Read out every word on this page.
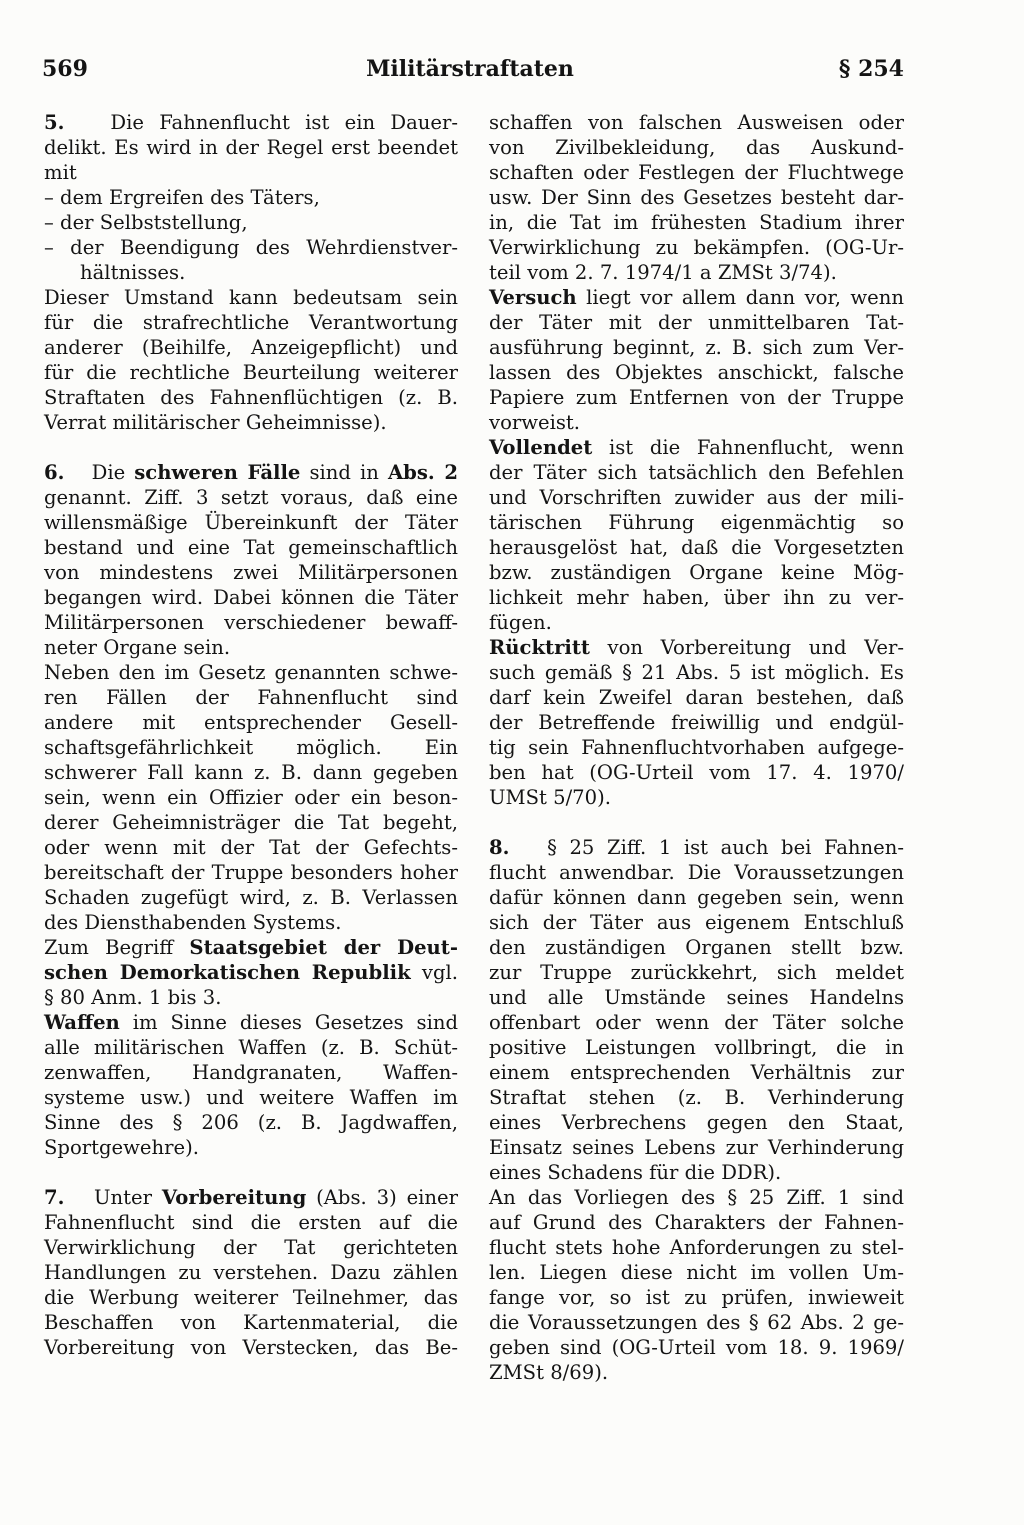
569	Militärstraftaten	§ 254
5. Die Fahnenflucht ist ein Dauer-
delikt. Es wird in der Regel erst beendet
mit
– dem Ergreifen des Täters,
– der Selbststellung,
– der Beendigung des Wehrdienstver-
hältnisses.
Dieser Umstand kann bedeutsam sein
für die strafrechtliche Verantwortung
anderer (Beihilfe, Anzeigepflicht) und
für die rechtliche Beurteilung weiterer
Straftaten des Fahnenflüchtigen (z. B.
Verrat militärischer Geheimnisse).
6. Die schweren Fälle sind in Abs. 2
genannt. Ziff. 3 setzt voraus, daß eine
willensmäßige Übereinkunft der Täter
bestand und eine Tat gemeinschaftlich
von mindestens zwei Militärpersonen
begangen wird. Dabei können die Täter
Militärpersonen verschiedener bewaff-
neter Organe sein.
Neben den im Gesetz genannten schwe-
ren Fällen der Fahnenflucht sind
andere mit entsprechender Gesell-
schaftsgefährlichkeit möglich. Ein
schwerer Fall kann z. B. dann gegeben
sein, wenn ein Offizier oder ein beson-
derer Geheimnisträger die Tat begeht,
oder wenn mit der Tat der Gefechts-
bereitschaft der Truppe besonders hoher
Schaden zugefügt wird, z. B. Verlassen
des Diensthabenden Systems.
Zum Begriff Staatsgebiet der Deut-
schen Demorkatischen Republik vgl.
§ 80 Anm. 1 bis 3.
Waffen im Sinne dieses Gesetzes sind
alle militärischen Waffen (z. B. Schüt-
zenwaffen, Handgranaten, Waffen-
systeme usw.) und weitere Waffen im
Sinne des § 206 (z. B. Jagdwaffen,
Sportgewehre).
7. Unter Vorbereitung (Abs. 3) einer
Fahnenflucht sind die ersten auf die
Verwirklichung der Tat gerichteten
Handlungen zu verstehen. Dazu zählen
die Werbung weiterer Teilnehmer, das
Beschaffen von Kartenmaterial, die
Vorbereitung von Verstecken, das Be-
schaffen von falschen Ausweisen oder
von Zivilbekleidung, das Auskund-
schaften oder Festlegen der Fluchtwege
usw. Der Sinn des Gesetzes besteht dar-
in, die Tat im frühesten Stadium ihrer
Verwirklichung zu bekämpfen. (OG-Ur-
teil vom 2. 7. 1974/1 a ZMSt 3/74).
Versuch liegt vor allem dann vor, wenn
der Täter mit der unmittelbaren Tat-
ausführung beginnt, z. B. sich zum Ver-
lassen des Objektes anschickt, falsche
Papiere zum Entfernen von der Truppe
vorweist.
Vollendet ist die Fahnenflucht, wenn
der Täter sich tatsächlich den Befehlen
und Vorschriften zuwider aus der mili-
tärischen Führung eigenmächtig so
herausgelöst hat, daß die Vorgesetzten
bzw. zuständigen Organe keine Mög-
lichkeit mehr haben, über ihn zu ver-
fügen.
Rücktritt von Vorbereitung und Ver-
such gemäß § 21 Abs. 5 ist möglich. Es
darf kein Zweifel daran bestehen, daß
der Betreffende freiwillig und endgül-
tig sein Fahnenfluchtvorhaben aufgege-
ben hat (OG-Urteil vom 17. 4. 1970/
UMSt 5/70).
8. § 25 Ziff. 1 ist auch bei Fahnen-
flucht anwendbar. Die Voraussetzungen
dafür können dann gegeben sein, wenn
sich der Täter aus eigenem Entschluß
den zuständigen Organen stellt bzw.
zur Truppe zurückkehrt, sich meldet
und alle Umstände seines Handelns
offenbart oder wenn der Täter solche
positive Leistungen vollbringt, die in
einem entsprechenden Verhältnis zur
Straftat stehen (z. B. Verhinderung
eines Verbrechens gegen den Staat,
Einsatz seines Lebens zur Verhinderung
eines Schadens für die DDR).
An das Vorliegen des § 25 Ziff. 1 sind
auf Grund des Charakters der Fahnen-
flucht stets hohe Anforderungen zu stel-
len. Liegen diese nicht im vollen Um-
fange vor, so ist zu prüfen, inwieweit
die Voraussetzungen des § 62 Abs. 2 ge-
geben sind (OG-Urteil vom 18. 9. 1969/
ZMSt 8/69).
